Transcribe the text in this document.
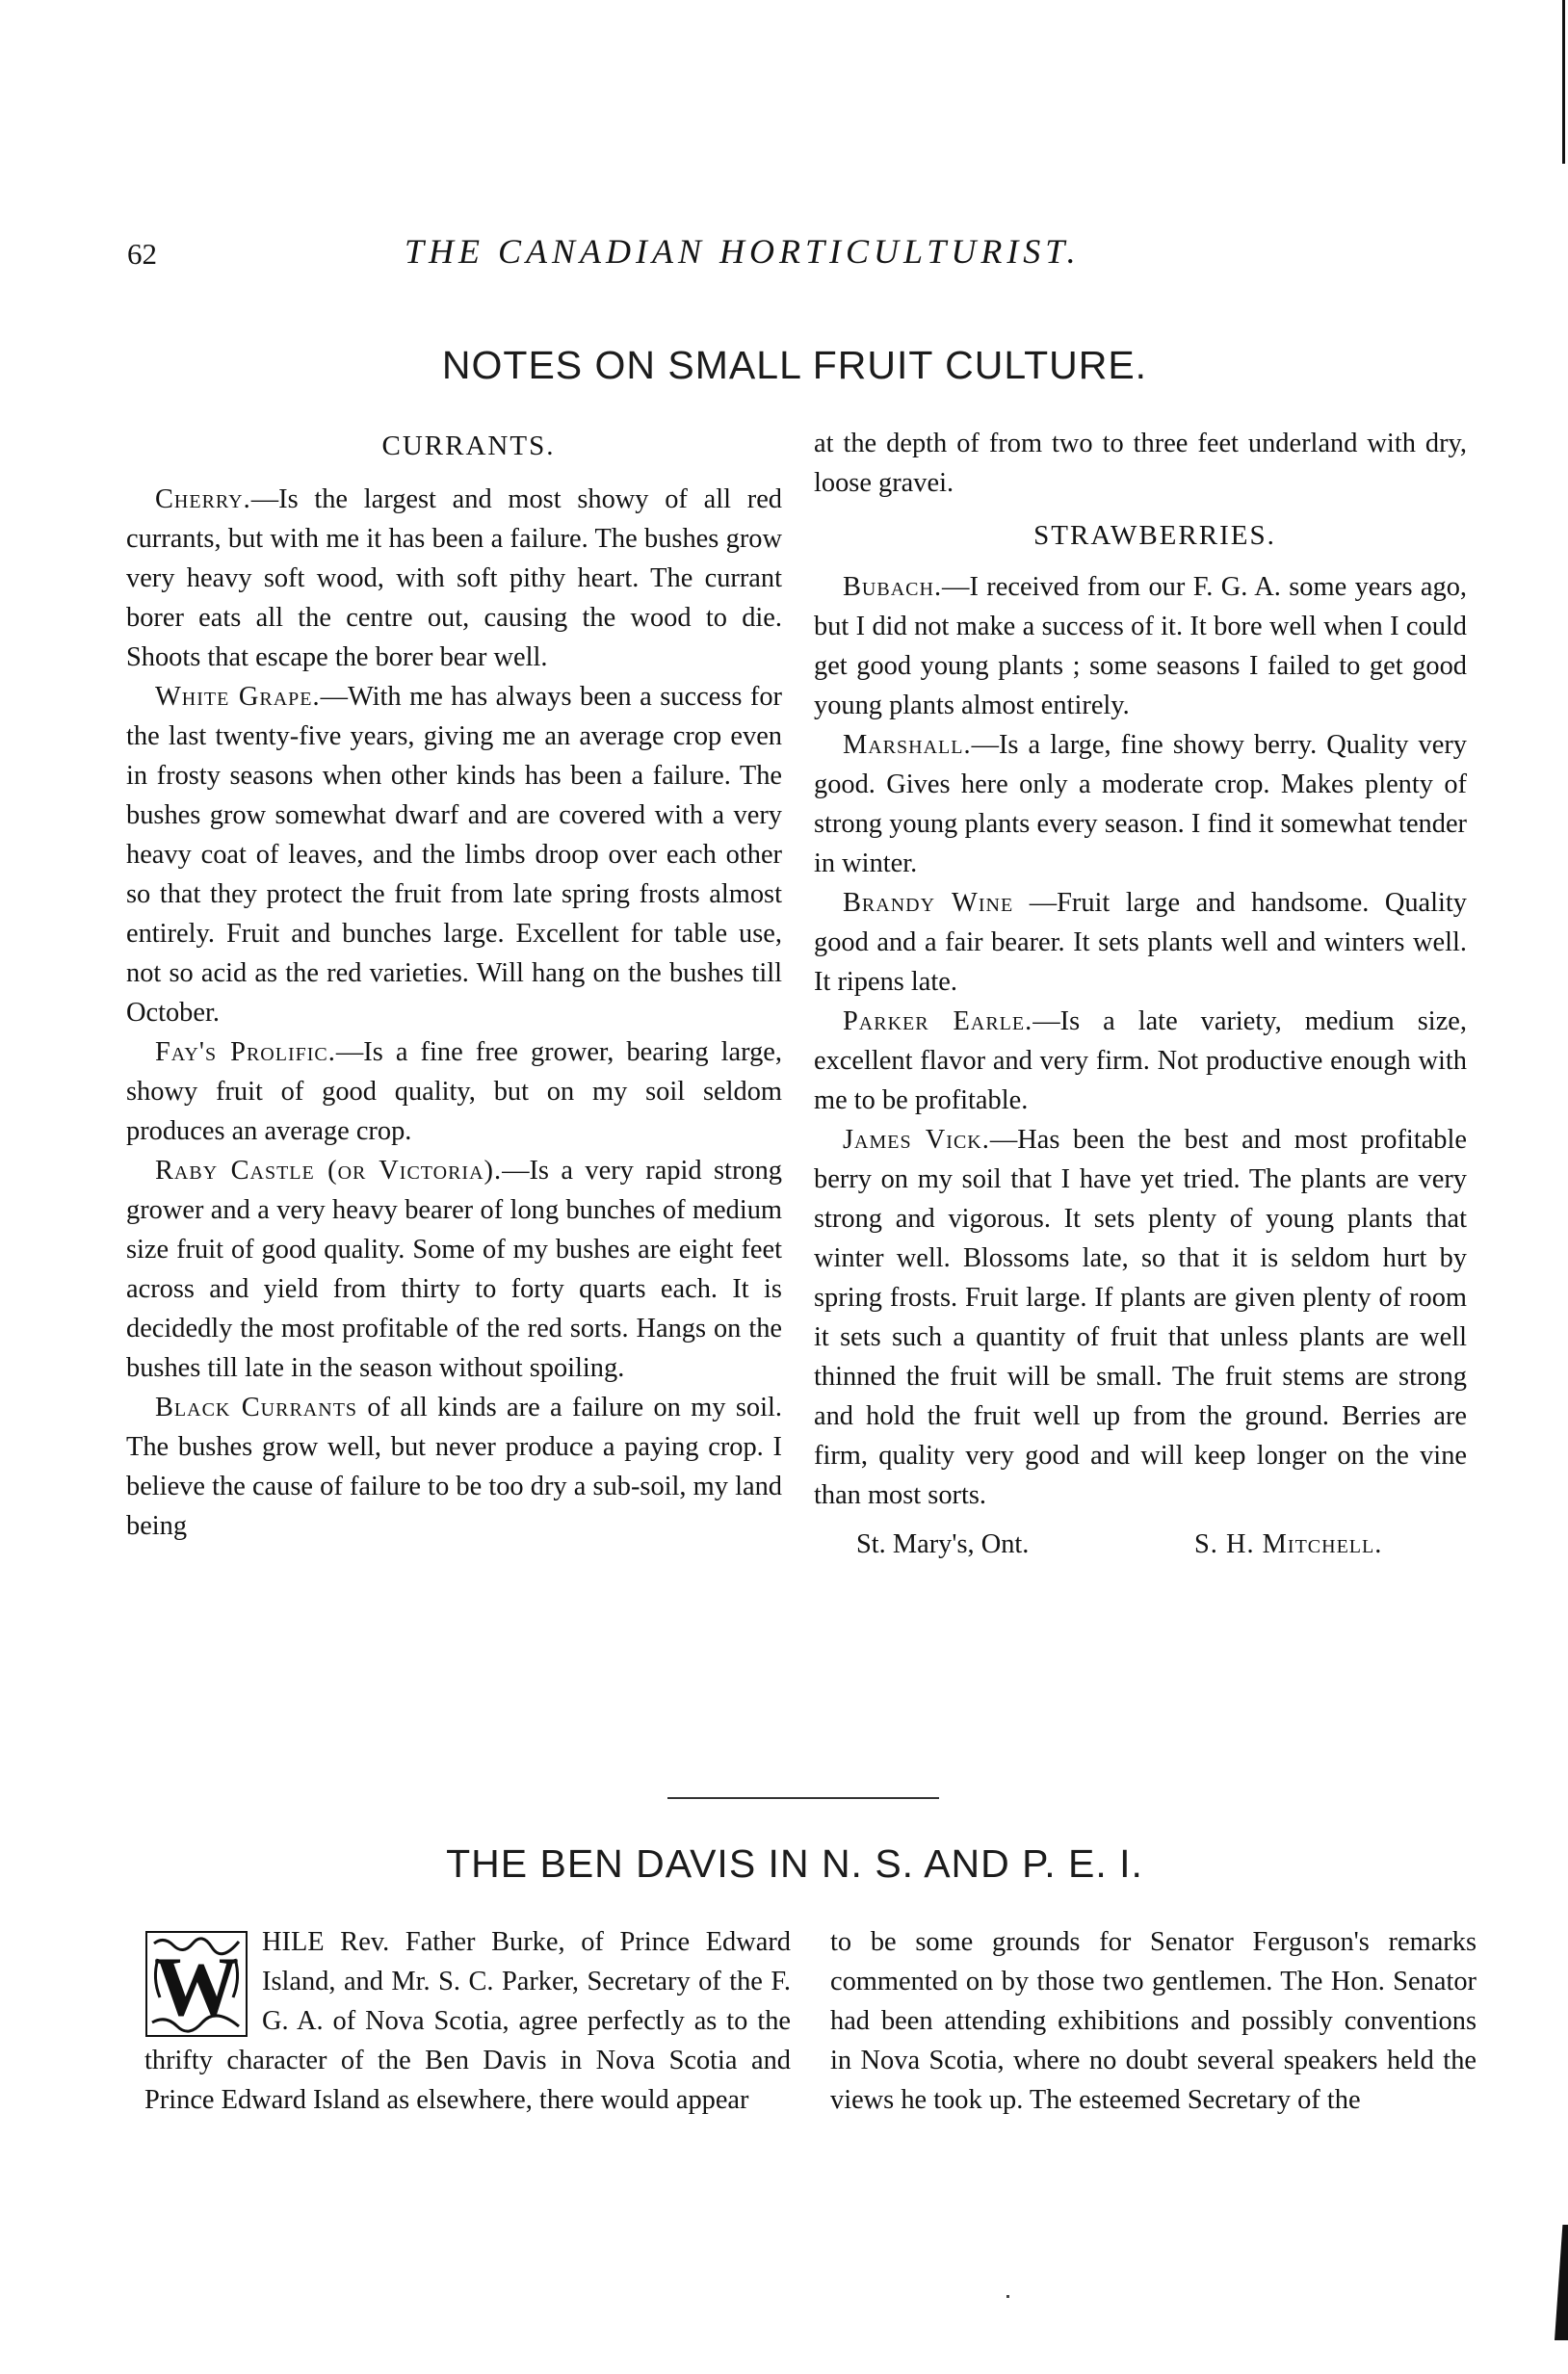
62	THE CANADIAN HORTICULTURIST.
NOTES ON SMALL FRUIT CULTURE.

CURRANTS.

Cherry.—Is the largest and most showy of all red currants, but with me it has been a failure. The bushes grow very heavy soft wood, with soft pithy heart. The currant borer eats all the centre out, causing the wood to die. Shoots that escape the borer bear well.

White Grape.—With me has always been a success for the last twenty-five years, giving me an average crop even in frosty seasons when other kinds has been a failure. The bushes grow somewhat dwarf and are covered with a very heavy coat of leaves, and the limbs droop over each other so that they protect the fruit from late spring frosts almost entirely. Fruit and bunches large. Excellent for table use, not so acid as the red varieties. Will hang on the bushes till October.

Fay's Prolific.—Is a fine free grower, bearing large, showy fruit of good quality, but on my soil seldom produces an average crop.

Raby Castle (or Victoria).—Is a very rapid strong grower and a very heavy bearer of long bunches of medium size fruit of good quality. Some of my bushes are eight feet across and yield from thirty to forty quarts each. It is decidedly the most profitable of the red sorts. Hangs on the bushes till late in the season without spoiling.

Black Currants of all kinds are a failure on my soil. The bushes grow well, but never produce a paying crop. I believe the cause of failure to be too dry a sub-soil, my land being

at the depth of from two to three feet underland with dry, loose gravei.

STRAWBERRIES.

Bubach.—I received from our F. G. A. some years ago, but I did not make a success of it. It bore well when I could get good young plants ; some seasons I failed to get good young plants almost entirely.

Marshall.—Is a large, fine showy berry. Quality very good. Gives here only a moderate crop. Makes plenty of strong young plants every season. I find it somewhat tender in winter.

Brandy Wine —Fruit large and handsome. Quality good and a fair bearer. It sets plants well and winters well. It ripens late.

Parker Earle.—Is a late variety, medium size, excellent flavor and very firm. Not productive enough with me to be profitable.

James Vick.—Has been the best and most profitable berry on my soil that I have yet tried. The plants are very strong and vigorous. It sets plenty of young plants that winter well. Blossoms late, so that it is seldom hurt by spring frosts. Fruit large. If plants are given plenty of room it sets such a quantity of fruit that unless plants are well thinned the fruit will be small. The fruit stems are strong and hold the fruit well up from the ground. Berries are firm, quality very good and will keep longer on the vine than most sorts.

St. Mary's, Ont.	S. H. Mitchell.
THE BEN DAVIS IN N. S. AND P. E. I.
W HILE Rev. Father Burke, of Prince Edward Island, and Mr. S. C. Parker, Secretary of the F. G. A. of Nova Scotia, agree perfectly as to the thrifty character of the Ben Davis in Nova Scotia and Prince Edward Island as elsewhere, there would appear

to be some grounds for Senator Ferguson's remarks commented on by those two gentlemen. The Hon. Senator had been attending exhibitions and possibly conventions in Nova Scotia, where no doubt several speakers held the views he took up. The esteemed Secretary of the
